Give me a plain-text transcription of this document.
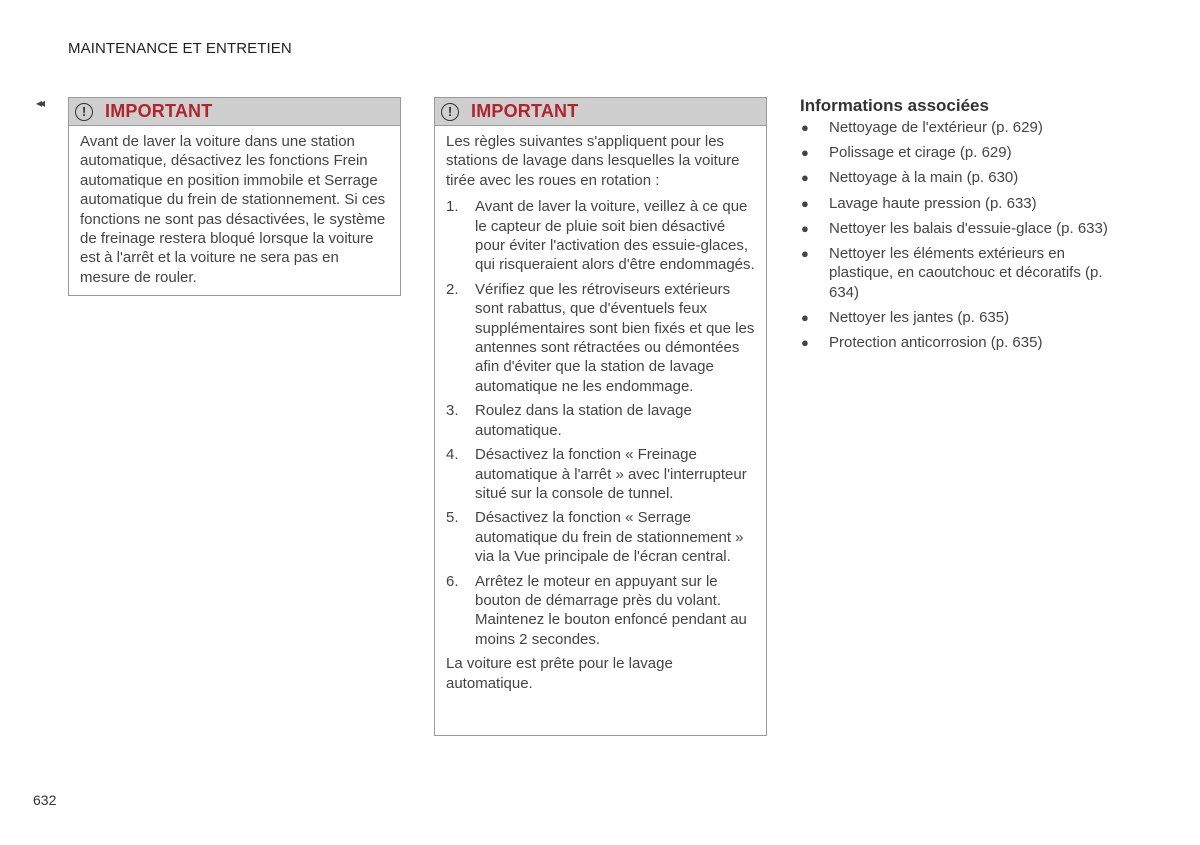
MAINTENANCE ET ENTRETIEN
◂◂
!	IMPORTANT

Avant de laver la voiture dans une station automatique, désactivez les fonctions Frein automatique en position immobile et Serrage automatique du frein de stationnement. Si ces fonctions ne sont pas désactivées, le système de freinage restera bloqué lorsque la voiture est à l'arrêt et la voiture ne sera pas en mesure de rouler.

!	IMPORTANT

Les règles suivantes s'appliquent pour les stations de lavage dans lesquelles la voiture tirée avec les roues en rotation :

1.	Avant de laver la voiture, veillez à ce que le capteur de pluie soit bien désactivé pour éviter l'activation des essuie-glaces, qui risqueraient alors d'être endommagés.
2.	Vérifiez que les rétroviseurs extérieurs sont rabattus, que d'éventuels feux supplémentaires sont bien fixés et que les antennes sont rétractées ou démontées afin d'éviter que la station de lavage automatique ne les endommage.
3.	Roulez dans la station de lavage automatique.
4.	Désactivez la fonction « Freinage automatique à l'arrêt » avec l'interrupteur situé sur la console de tunnel.
5.	Désactivez la fonction « Serrage automatique du frein de stationnement » via la Vue principale de l'écran central.
6.	Arrêtez le moteur en appuyant sur le bouton de démarrage près du volant. Maintenez le bouton enfoncé pendant au moins 2 secondes.

La voiture est prête pour le lavage automatique.

Informations associées
●	Nettoyage de l'extérieur (p. 629)
●	Polissage et cirage (p. 629)
●	Nettoyage à la main (p. 630)
●	Lavage haute pression (p. 633)
●	Nettoyer les balais d'essuie-glace (p. 633)
●	Nettoyer les éléments extérieurs en plastique, en caoutchouc et décoratifs (p. 634)
●	Nettoyer les jantes (p. 635)
●	Protection anticorrosion (p. 635)
632
